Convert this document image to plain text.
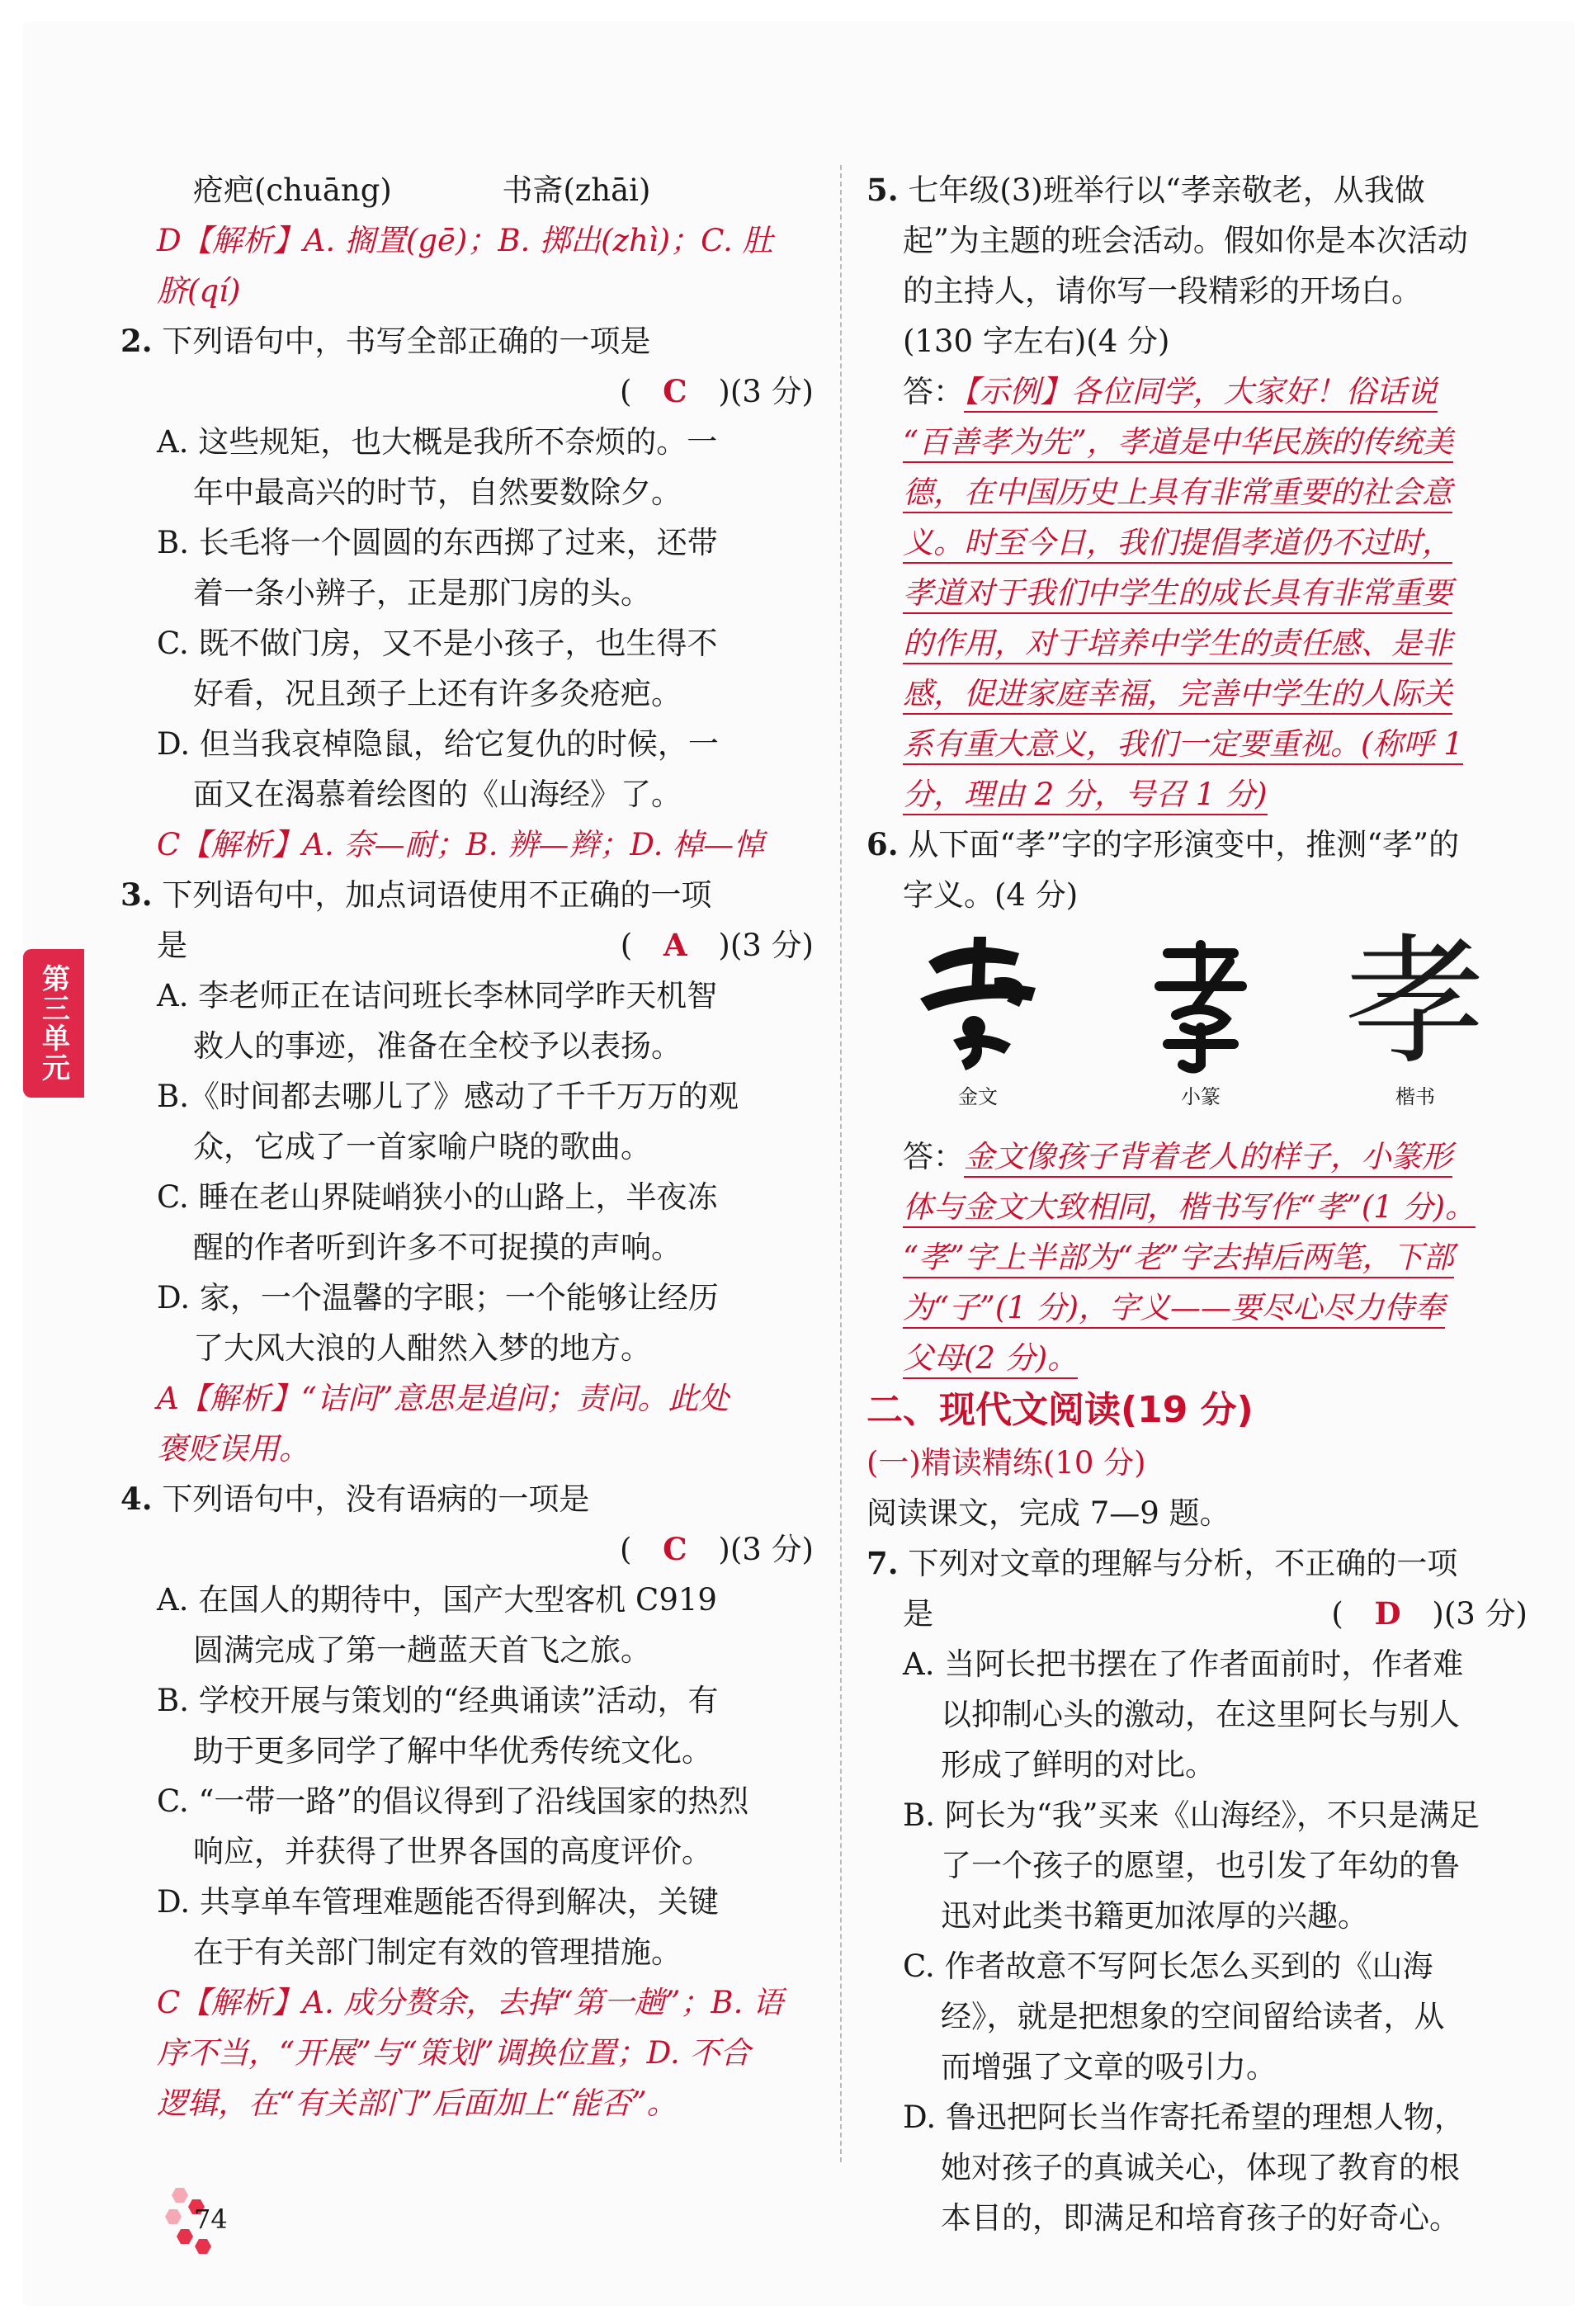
第三单元
疮疤(chuāng)	书斋(zhāi)
D【解析】A. 搁置(gē)；B. 掷出(zhì)；C. 肚
脐(qí)
2. 下列语句中，书写全部正确的一项是
( C )(3 分)
A. 这些规矩，也大概是我所不奈烦的。一
年中最高兴的时节，自然要数除夕。
B. 长毛将一个圆圆的东西掷了过来，还带
着一条小辨子，正是那门房的头。
C. 既不做门房，又不是小孩子，也生得不
好看，况且颈子上还有许多灸疮疤。
D. 但当我哀棹隐鼠，给它复仇的时候，一
面又在渴慕着绘图的《山海经》了。
C【解析】A. 奈—耐；B. 辨—辫；D. 棹—悼
3. 下列语句中，加点词语使用不正确的一项
是	( A )(3 分)
A. 李老师正在诘问班长李林同学昨天机智
救人的事迹，准备在全校予以表扬。
B.《时间都去哪儿了》感动了千千万万的观
众，它成了一首家喻户晓的歌曲。
C. 睡在老山界陡峭狭小的山路上，半夜冻
醒的作者听到许多不可捉摸的声响。
D. 家，一个温馨的字眼；一个能够让经历
了大风大浪的人酣然入梦的地方。
A【解析】“诘问”意思是追问；责问。此处
褒贬误用。
4. 下列语句中，没有语病的一项是
( C )(3 分)
A. 在国人的期待中，国产大型客机 C919
圆满完成了第一趟蓝天首飞之旅。
B. 学校开展与策划的“经典诵读”活动，有
助于更多同学了解中华优秀传统文化。
C. “一带一路”的倡议得到了沿线国家的热烈
响应，并获得了世界各国的高度评价。
D. 共享单车管理难题能否得到解决，关键
在于有关部门制定有效的管理措施。
C【解析】A. 成分赘余，去掉“第一趟”；B. 语
序不当，“开展”与“策划”调换位置；D. 不合
逻辑，在“有关部门”后面加上“能否”。
5. 七年级(3)班举行以“孝亲敬老，从我做
起”为主题的班会活动。假如你是本次活动
的主持人，请你写一段精彩的开场白。
(130 字左右)(4 分)
答：【示例】各位同学，大家好！俗话说
“百善孝为先”，孝道是中华民族的传统美
德，在中国历史上具有非常重要的社会意
义。时至今日，我们提倡孝道仍不过时，
孝道对于我们中学生的成长具有非常重要
的作用，对于培养中学生的责任感、是非
感，促进家庭幸福，完善中学生的人际关
系有重大意义，我们一定要重视。(称呼 1
分，理由 2 分，号召 1 分)
6. 从下面“孝”字的字形演变中，推测“孝”的
字义。(4 分)
金文	小篆
孝
楷书
答：金文像孩子背着老人的样子，小篆形
体与金文大致相同，楷书写作“孝”(1 分)。
“孝”字上半部为“老”字去掉后两笔，下部
为“子”(1 分)，字义——要尽心尽力侍奉
父母(2 分)。
二、现代文阅读(19 分)
(一)精读精练(10 分)
阅读课文，完成 7—9 题。
7. 下列对文章的理解与分析，不正确的一项
是	( D )(3 分)
A. 当阿长把书摆在了作者面前时，作者难
以抑制心头的激动，在这里阿长与别人
形成了鲜明的对比。
B. 阿长为“我”买来《山海经》，不只是满足
了一个孩子的愿望，也引发了年幼的鲁
迅对此类书籍更加浓厚的兴趣。
C. 作者故意不写阿长怎么买到的《山海
经》，就是把想象的空间留给读者，从
而增强了文章的吸引力。
D. 鲁迅把阿长当作寄托希望的理想人物，
她对孩子的真诚关心，体现了教育的根
本目的，即满足和培育孩子的好奇心。
74
